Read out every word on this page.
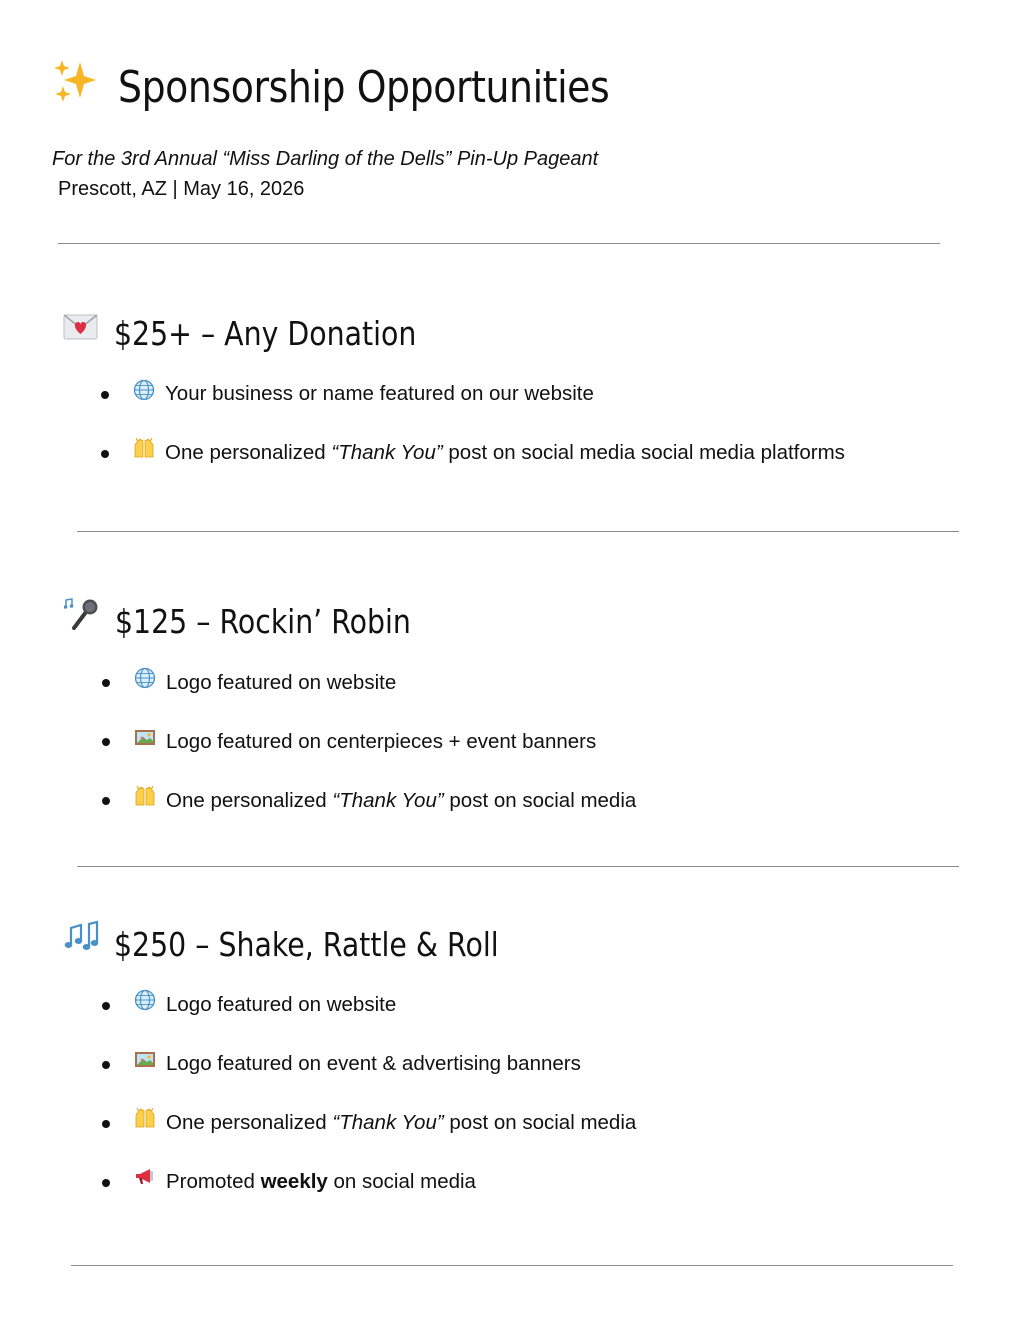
Sponsorship Opportunities
For the 3rd Annual “Miss Darling of the Dells” Pin-Up Pageant
Prescott, AZ | May 16, 2026
$25+ – Any Donation
Your business or name featured on our website
One personalized “Thank You” post on social media social media platforms
$125 – Rockin’ Robin
Logo featured on website
Logo featured on centerpieces + event banners
One personalized “Thank You” post on social media
$250 – Shake, Rattle & Roll
Logo featured on website
Logo featured on event & advertising banners
One personalized “Thank You” post on social media
Promoted weekly on social media
